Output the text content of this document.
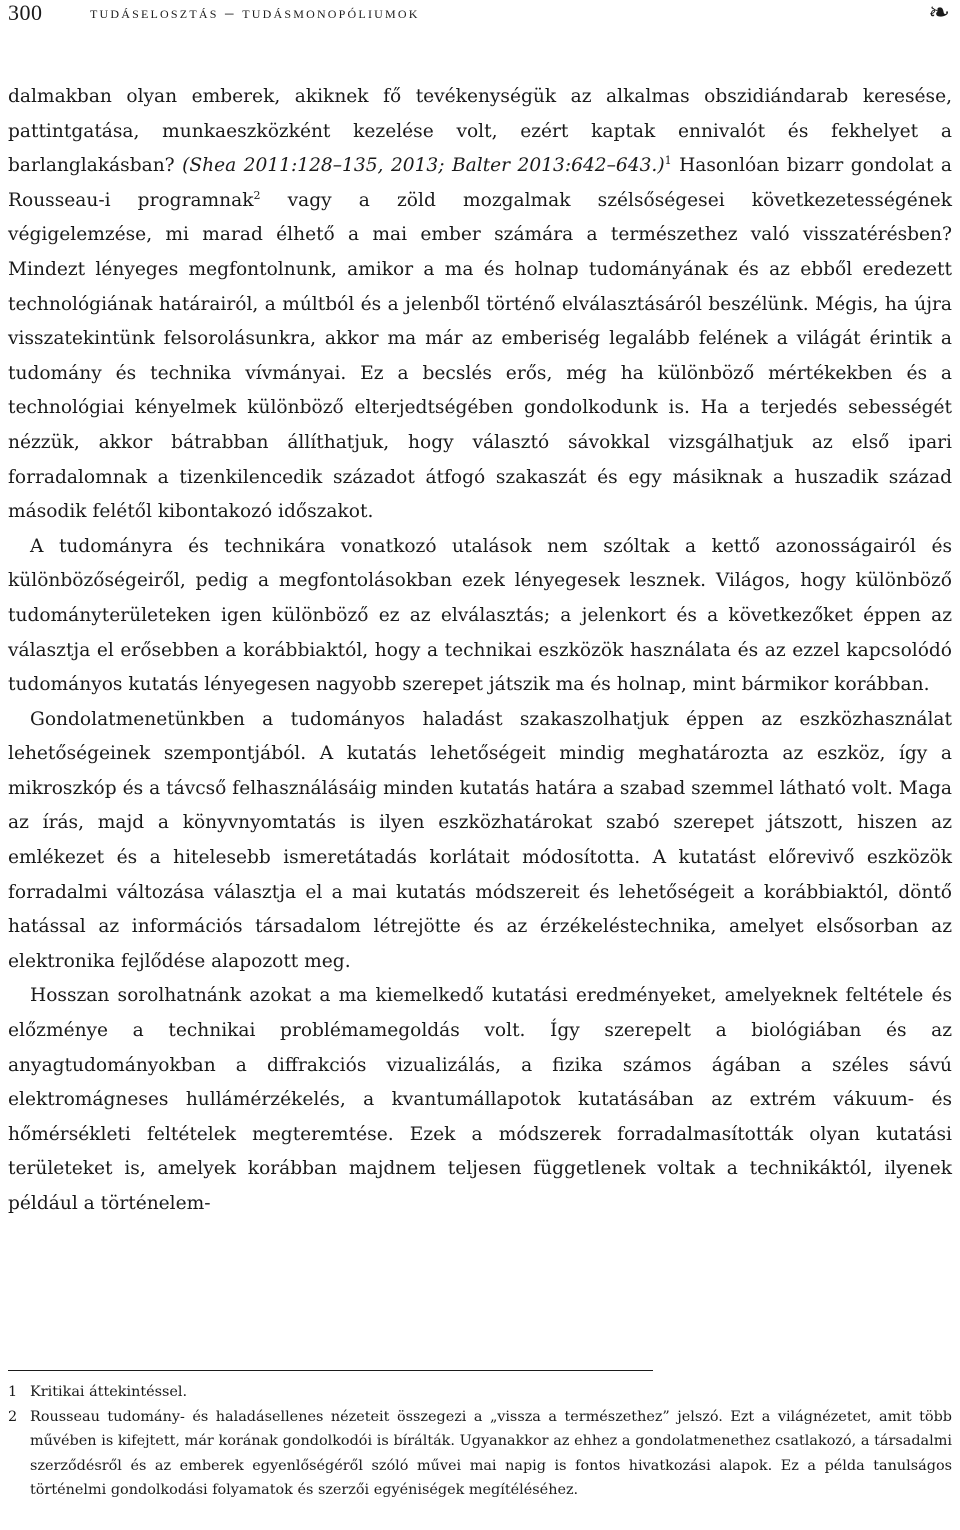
300	tudáselosztás – tudásmonopóliumok	❧

dalmakban olyan emberek, akiknek fő tevékenységük az alkalmas obszidiándarab keresése, pattintgatása, munkaeszközként kezelése volt, ezért kaptak ennivalót és fekhelyet a barlanglakásban? (Shea 2011:128–135, 2013; Balter 2013:642–643.)$^1$ Hasonlóan bizarr gondolat a Rousseau-i programnak$^2$ vagy a zöld mozgalmak szélsőségesei következetességének végigelemzése, mi marad élhető a mai ember számára a természethez való visszatérésben? Mindezt lényeges megfontolnunk, amikor a ma és holnap tudományának és az ebből eredezett technológiának határairól, a múltból és a jelenből történő elválasztásáról beszélünk. Mégis, ha újra visszatekintünk felsorolásunkra, akkor ma már az emberiség legalább felének a világát érintik a tudomány és technika vívmányai. Ez a becslés erős, még ha különböző mértékekben és a technológiai kényelmek különböző elterjedtségében gondolkodunk is. Ha a terjedés sebességét nézzük, akkor bátrabban állíthatjuk, hogy választó sávokkal vizsgálhatjuk az első ipari forradalomnak a tizenkilencedik századot átfogó szakaszát és egy másiknak a huszadik század második felétől kibontakozó időszakot.

A tudományra és technikára vonatkozó utalások nem szóltak a kettő azonosságairól és különbözőségeiről, pedig a megfontolásokban ezek lényegesek lesznek. Világos, hogy különböző tudományterületeken igen különböző ez az elválasztás; a jelenkort és a következőket éppen az választja el erősebben a korábbiaktól, hogy a technikai eszközök használata és az ezzel kapcsolódó tudományos kutatás lényegesen nagyobb szerepet játszik ma és holnap, mint bármikor korábban.

Gondolatmenetünkben a tudományos haladást szakaszolhatjuk éppen az eszközhasználat lehetőségeinek szempontjából. A kutatás lehetőségeit mindig meghatározta az eszköz, így a mikroszkóp és a távcső felhasználásáig minden kutatás határa a szabad szemmel látható volt. Maga az írás, majd a könyvnyomtatás is ilyen eszközhatárokat szabó szerepet játszott, hiszen az emlékezet és a hitelesebb ismeretátadás korlátait módosította. A kutatást előrevivő eszközök forradalmi változása választja el a mai kutatás módszereit és lehetőségeit a korábbiaktól, döntő hatással az információs társadalom létrejötte és az érzékeléstechnika, amelyet elsősorban az elektronika fejlődése alapozott meg.

Hosszan sorolhatnánk azokat a ma kiemelkedő kutatási eredményeket, amelyeknek feltétele és előzménye a technikai problémamegoldás volt. Így szerepelt a biológiában és az anyagtudományokban a diffrakciós vizualizálás, a fizika számos ágában a széles sávú elektromágneses hullámérzékelés, a kvantumállapotok kutatásában az extrém vákuum- és hőmérsékleti feltételek megteremtése. Ezek a módszerek forradalmasították olyan kutatási területeket is, amelyek korábban majdnem teljesen függetlenek voltak a technikáktól, ilyenek például a történelem-

1 Kritikai áttekintéssel.

2 Rousseau tudomány- és haladásellenes nézeteit összegezi a „vissza a természethez” jelszó. Ezt a világnézetet, amit több művében is kifejtett, már korának gondolkodói is bírálták. Ugyanakkor az ehhez a gondolatmenethez csatlakozó, a társadalmi szerződésről és az emberek egyenlőségéről szóló művei mai napig is fontos hivatkozási alapok. Ez a példa tanulságos történelmi gondolkodási folyamatok és szerzői egyéniségek megítéléséhez.
